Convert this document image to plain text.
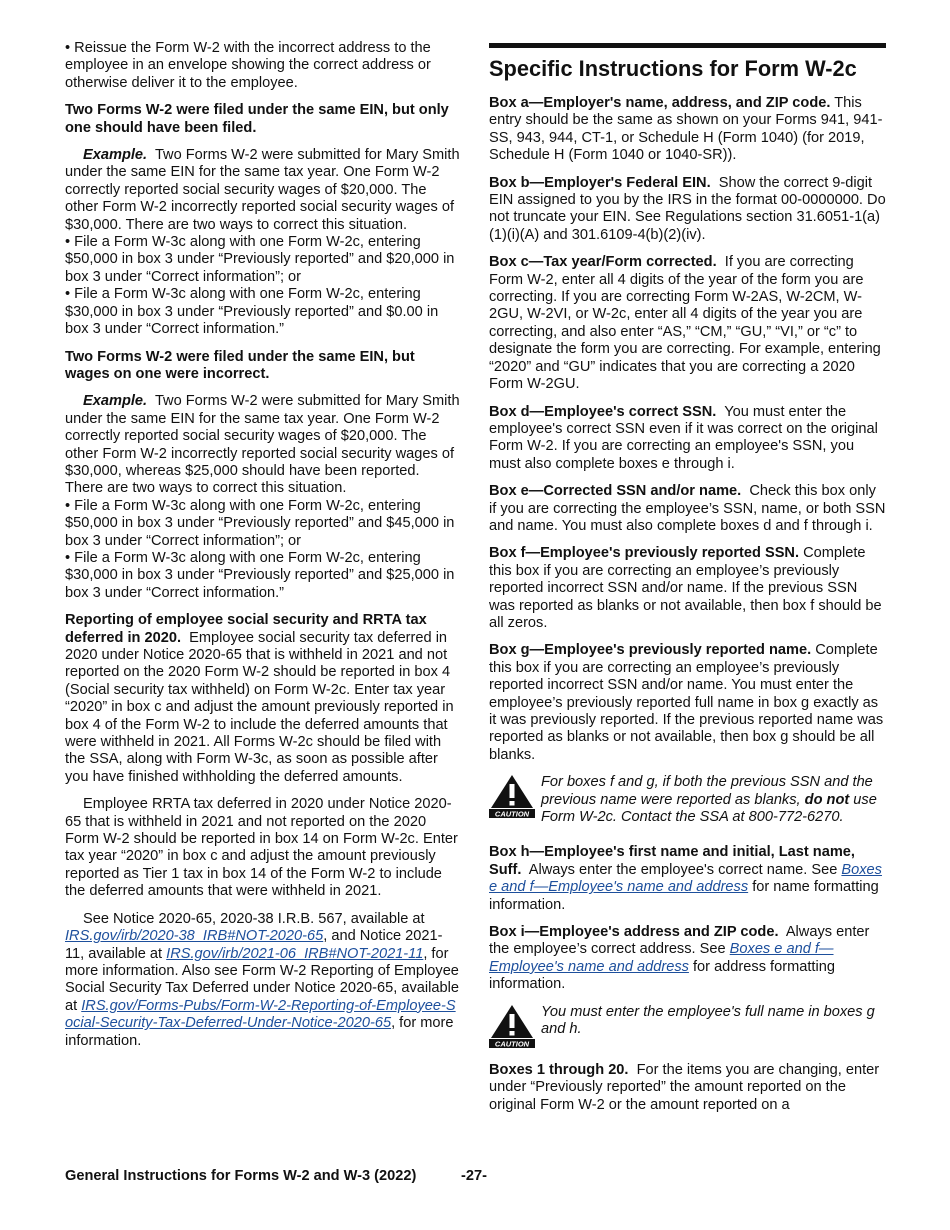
• Reissue the Form W-2 with the incorrect address to the employee in an envelope showing the correct address or otherwise deliver it to the employee.

Two Forms W-2 were filed under the same EIN, but only one should have been filed.

Example. Two Forms W-2 were submitted for Mary Smith under the same EIN for the same tax year. One Form W-2 correctly reported social security wages of $20,000. The other Form W-2 incorrectly reported social security wages of $30,000. There are two ways to correct this situation.

• File a Form W-3c along with one Form W-2c, entering $50,000 in box 3 under “Previously reported” and $20,000 in box 3 under “Correct information”; or

• File a Form W-3c along with one Form W-2c, entering $30,000 in box 3 under “Previously reported” and $0.00 in box 3 under “Correct information.”

Two Forms W-2 were filed under the same EIN, but wages on one were incorrect.

Example. Two Forms W-2 were submitted for Mary Smith under the same EIN for the same tax year. One Form W-2 correctly reported social security wages of $20,000. The other Form W-2 incorrectly reported social security wages of $30,000, whereas $25,000 should have been reported. There are two ways to correct this situation.

• File a Form W-3c along with one Form W-2c, entering $50,000 in box 3 under “Previously reported” and $45,000 in box 3 under “Correct information”; or

• File a Form W-3c along with one Form W-2c, entering $30,000 in box 3 under “Previously reported” and $25,000 in box 3 under “Correct information.”

Reporting of employee social security and RRTA tax deferred in 2020. Employee social security tax deferred in 2020 under Notice 2020-65 that is withheld in 2021 and not reported on the 2020 Form W-2 should be reported in box 4 (Social security tax withheld) on Form W-2c. Enter tax year “2020” in box c and adjust the amount previously reported in box 4 of the Form W-2 to include the deferred amounts that were withheld in 2021. All Forms W-2c should be filed with the SSA, along with Form W-3c, as soon as possible after you have finished withholding the deferred amounts.

Employee RRTA tax deferred in 2020 under Notice 2020-65 that is withheld in 2021 and not reported on the 2020 Form W-2 should be reported in box 14 on Form W-2c. Enter tax year “2020” in box c and adjust the amount previously reported as Tier 1 tax in box 14 of the Form W-2 to include the deferred amounts that were withheld in 2021.

See Notice 2020-65, 2020-38 I.R.B. 567, available at IRS.gov/irb/2020-38_IRB#NOT-2020-65, and Notice 2021-11, available at IRS.gov/irb/2021-06_IRB#NOT-2021-11, for more information. Also see Form W-2 Reporting of Employee Social Security Tax Deferred under Notice 2020-65, available at IRS.gov/Forms-Pubs/Form-W-2-Reporting-of-Employee-Social-Security-Tax-Deferred-Under-Notice-2020-65, for more information.

Specific Instructions for Form W-2c

Box a—Employer's name, address, and ZIP code. This entry should be the same as shown on your Forms 941, 941-SS, 943, 944, CT-1, or Schedule H (Form 1040) (for 2019, Schedule H (Form 1040 or 1040-SR)).

Box b—Employer's Federal EIN. Show the correct 9-digit EIN assigned to you by the IRS in the format 00-0000000. Do not truncate your EIN. See Regulations section 31.6051-1(a)(1)(i)(A) and 301.6109-4(b)(2)(iv).

Box c—Tax year/Form corrected. If you are correcting Form W-2, enter all 4 digits of the year of the form you are correcting. If you are correcting Form W-2AS, W-2CM, W-2GU, W-2VI, or W-2c, enter all 4 digits of the year you are correcting, and also enter “AS,” “CM,” “GU,” “VI,” or “c” to designate the form you are correcting. For example, entering “2020” and “GU” indicates that you are correcting a 2020 Form W-2GU.

Box d—Employee's correct SSN. You must enter the employee's correct SSN even if it was correct on the original Form W-2. If you are correcting an employee's SSN, you must also complete boxes e through i.

Box e—Corrected SSN and/or name. Check this box only if you are correcting the employee’s SSN, name, or both SSN and name. You must also complete boxes d and f through i.

Box f—Employee's previously reported SSN. Complete this box if you are correcting an employee’s previously reported incorrect SSN and/or name. If the previous SSN was reported as blanks or not available, then box f should be all zeros.

Box g—Employee's previously reported name. Complete this box if you are correcting an employee’s previously reported incorrect SSN and/or name. You must enter the employee’s previously reported full name in box g exactly as it was previously reported. If the previous reported name was reported as blanks or not available, then box g should be all blanks.

CAUTION
For boxes f and g, if both the previous SSN and the previous name were reported as blanks, do not use Form W-2c. Contact the SSA at 800-772-6270.

Box h—Employee's first name and initial, Last name, Suff. Always enter the employee's correct name. See Boxes e and f—Employee's name and address for name formatting information.

Box i—Employee's address and ZIP code. Always enter the employee’s correct address. See Boxes e and f—Employee's name and address for address formatting information.

CAUTION
You must enter the employee's full name in boxes g and h.

Boxes 1 through 20. For the items you are changing, enter under “Previously reported” the amount reported on the original Form W-2 or the amount reported on a

General Instructions for Forms W-2 and W-3 (2022)	-27-
